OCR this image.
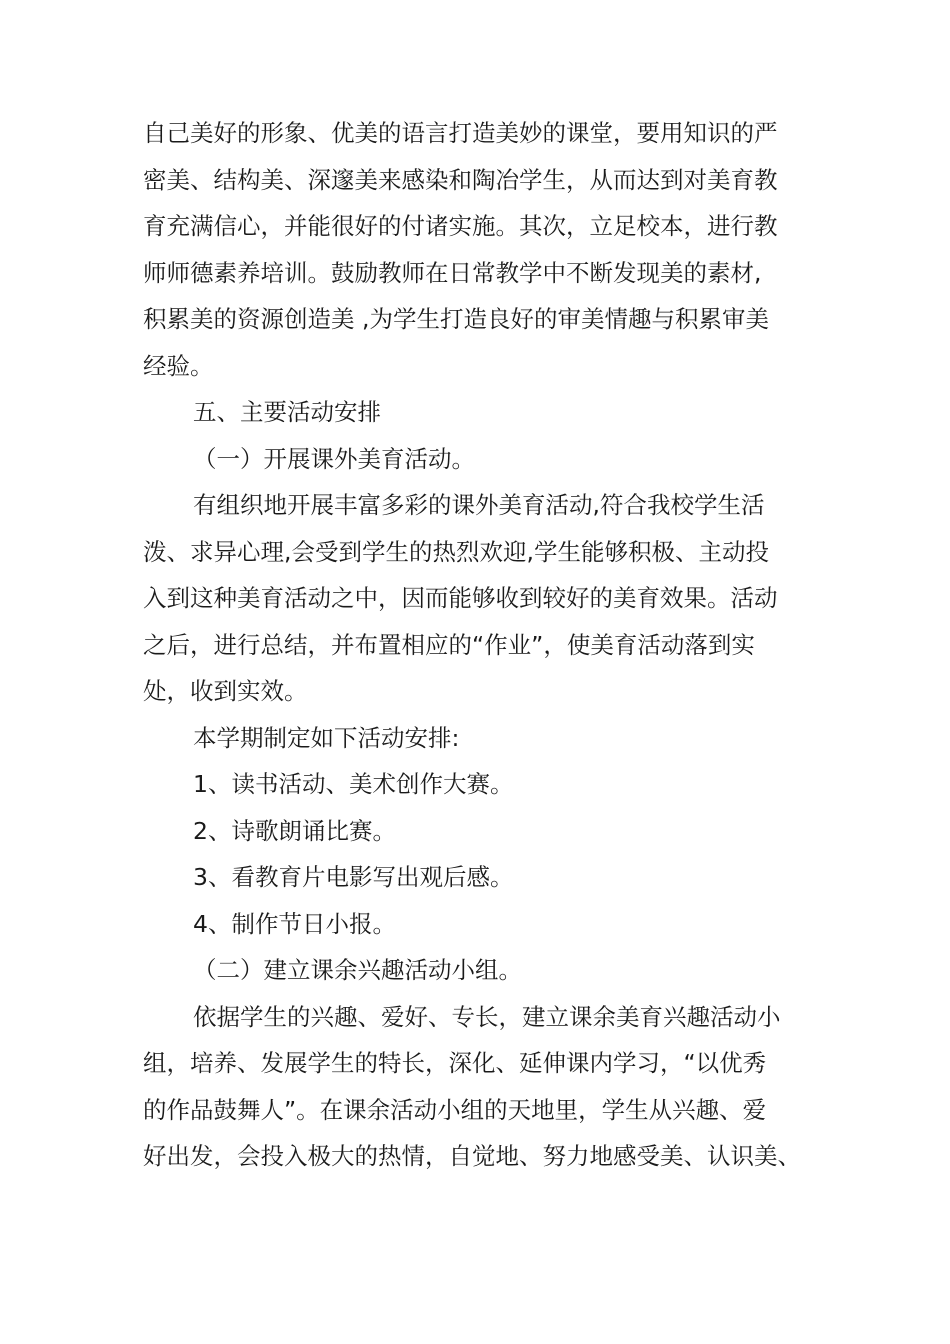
自己美好的形象、优美的语言打造美妙的课堂，要用知识的严
密美、结构美、深邃美来感染和陶冶学生，从而达到对美育教
育充满信心，并能很好的付诸实施。其次，立足校本，进行教
师师德素养培训。鼓励教师在日常教学中不断发现美的素材,
积累美的资源创造美 ,为学生打造良好的审美情趣与积累审美
经验。
五、主要活动安排
（一）开展课外美育活动。
有组织地开展丰富多彩的课外美育活动,符合我校学生活
泼、求异心理,会受到学生的热烈欢迎,学生能够积极、主动投
入到这种美育活动之中，因而能够收到较好的美育效果。活动
之后，进行总结，并布置相应的“作业”，使美育活动落到实
处，收到实效。
本学期制定如下活动安排:
1、读书活动、美术创作大赛。
2、诗歌朗诵比赛。
3、看教育片电影写出观后感。
4、制作节日小报。
（二）建立课余兴趣活动小组。
依据学生的兴趣、爱好、专长，建立课余美育兴趣活动小
组，培养、发展学生的特长，深化、延伸课内学习，“以优秀
的作品鼓舞人”。在课余活动小组的天地里，学生从兴趣、爱
好出发，会投入极大的热情，自觉地、努力地感受美、认识美、
